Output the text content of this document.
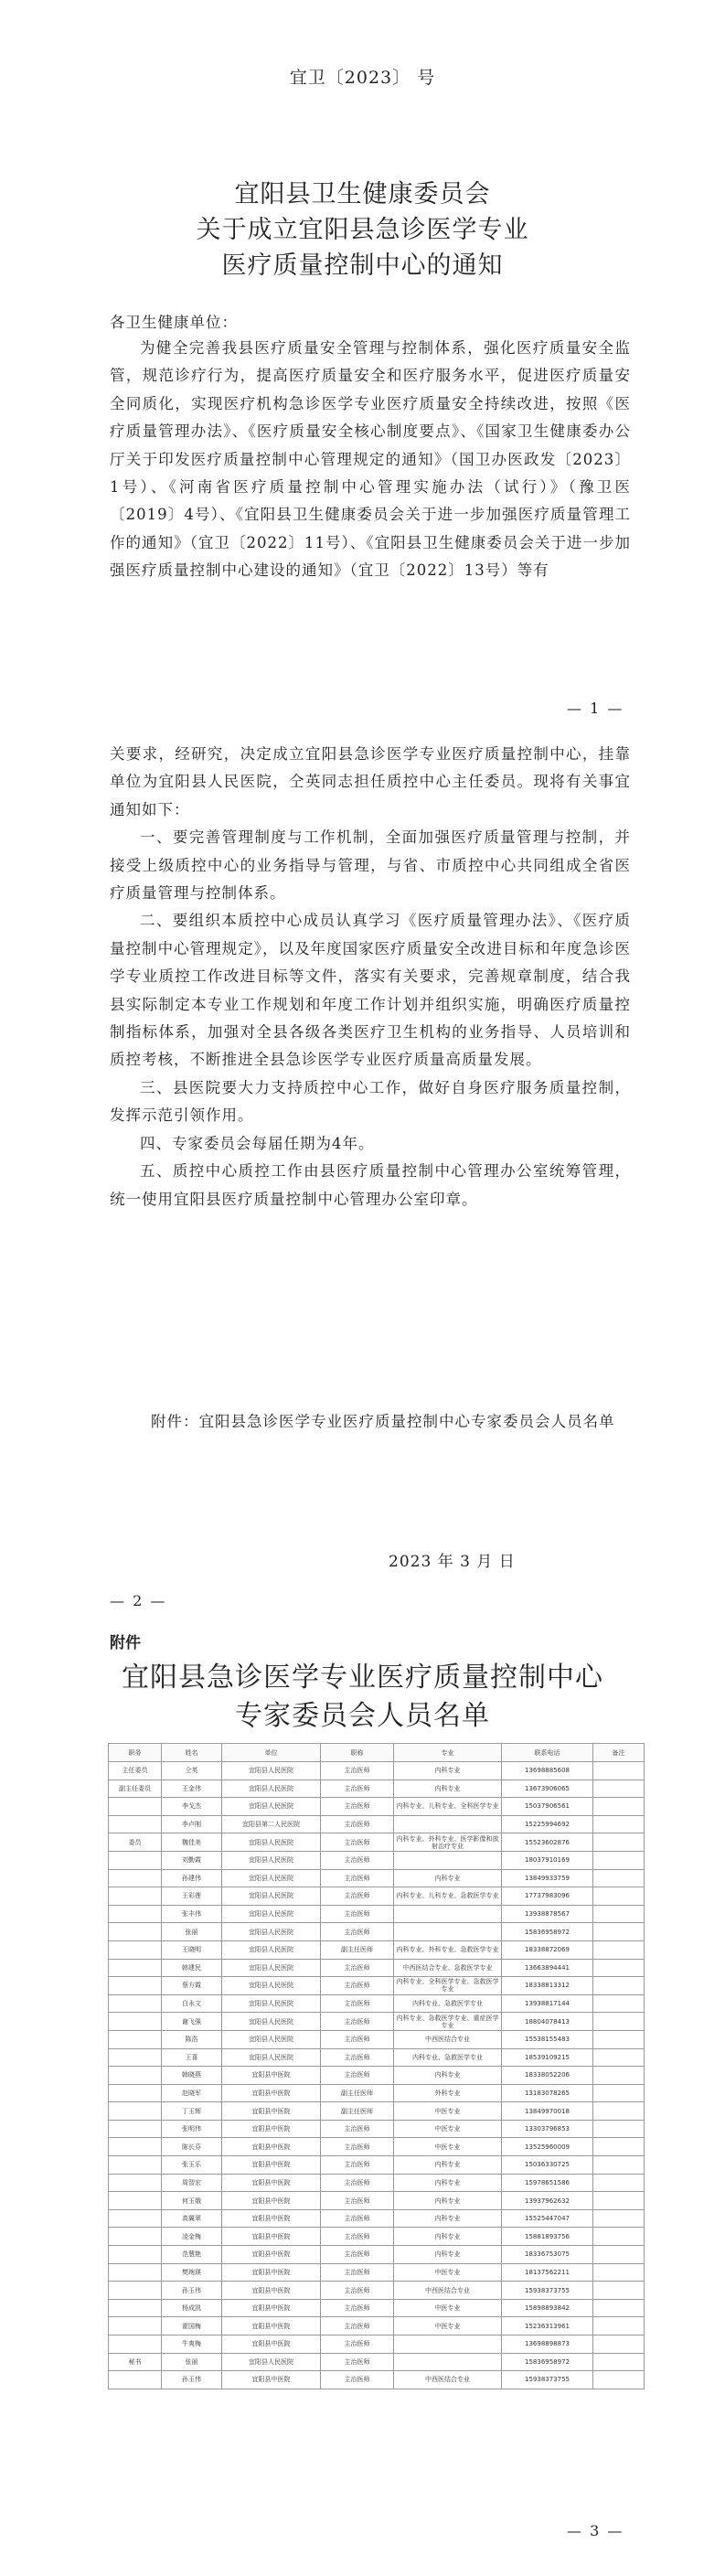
宜卫〔2023〕 号
宜阳县卫生健康委员会
关于成立宜阳县急诊医学专业
医疗质量控制中心的通知
各卫生健康单位：
为健全完善我县医疗质量安全管理与控制体系，强化医疗质量安全监管，规范诊疗行为，提高医疗质量安全和医疗服务水平，促进医疗质量安全同质化，实现医疗机构急诊医学专业医疗质量安全持续改进，按照《医疗质量管理办法》、《医疗质量安全核心制度要点》、《国家卫生健康委办公厅关于印发医疗质量控制中心管理规定的通知》（国卫办医政发〔2023〕1号）、《河南省医疗质量控制中心管理实施办法（试行）》（豫卫医〔2019〕4号）、《宜阳县卫生健康委员会关于进一步加强医疗质量管理工作的通知》（宜卫〔2022〕11号）、《宜阳县卫生健康委员会关于进一步加强医疗质量控制中心建设的通知》（宜卫〔2022〕13号）等有
— 1 —
关要求，经研究，决定成立宜阳县急诊医学专业医疗质量控制中心，挂靠单位为宜阳县人民医院，仝英同志担任质控中心主任委员。现将有关事宜通知如下：
一、要完善管理制度与工作机制，全面加强医疗质量管理与控制，并接受上级质控中心的业务指导与管理，与省、市质控中心共同组成全省医疗质量管理与控制体系。
二、要组织本质控中心成员认真学习《医疗质量管理办法》、《医疗质量控制中心管理规定》，以及年度国家医疗质量安全改进目标和年度急诊医学专业质控工作改进目标等文件，落实有关要求，完善规章制度，结合我县实际制定本专业工作规划和年度工作计划并组织实施，明确医疗质量控制指标体系，加强对全县各级各类医疗卫生机构的业务指导、人员培训和质控考核，不断推进全县急诊医学专业医疗质量高质量发展。
三、县医院要大力支持质控中心工作，做好自身医疗服务质量控制，发挥示范引领作用。
四、专家委员会每届任期为4年。
五、质控中心质控工作由县医疗质量控制中心管理办公室统筹管理，统一使用宜阳县医疗质量控制中心管理办公室印章。
附件：宜阳县急诊医学专业医疗质量控制中心专家委员会人员名单
2023 年 3 月 日
— 2 —
附件
宜阳县急诊医学专业医疗质量控制中心
专家委员会人员名单
职务	姓名	单位	职称	专业	联系电话	备注
主任委员	仝英	宜阳县人民医院	主治医师	内科专业	13698885608	
副主任委员	王金伟	宜阳县人民医院	主治医师	内科专业	13673906065	
	李戈杰	宜阳县人民医院	主治医师	内科专业、儿科专业、全科医学专业	15037906561	
	李卢刚	宜阳县第二人民医院	主治医师		15225994692	
委员	魏佳美	宜阳县人民医院	主治医师	内科专业、外科专业、医学影像和放射治疗专业	15523602876	
	刘勤霞	宜阳县人民医院	主治医师		18037910169	
	孙建伟	宜阳县人民医院	主治医师	内科专业	13849933759	
	王彩莲	宜阳县人民医院	主治医师	内科专业、儿科专业、急救医学专业	17737983096	
	张丰伟	宜阳县人民医院	主治医师		13938878567	
	张丽	宜阳县人民医院	主治医师		15836958972	
	王晓明	宜阳县人民医院	副主任医师	内科专业、外科专业、急救医学专业	18338872069	
	韩建民	宜阳县人民医院	主治医师	中西医结合专业、急救医学专业	13663894441	
	蔡方霞	宜阳县人民医院	主治医师	内科专业、全科医学专业、急救医学专业	18338813312	
	白永文	宜阳县人民医院	主治医师	内科专业、急救医学专业	13938817144	
	谢飞强	宜阳县人民医院	主治医师	内科专业、急救医学专业、重症医学专业	18804078413	
	陈浩	宜阳县人民医院	主治医师	中西医结合专业	15538155483	
	王喜	宜阳县人民医院	主治医师	内科专业、急救医学专业	18539109215	
	韩晓燕	宜阳县中医院	主治医师	内科专业	18338052206	
	赵晓军	宜阳县中医院	副主任医师	外科专业	13183078265	
	丁玉辉	宜阳县中医院	副主任医师	中医专业	13849970018	
	张明伟	宜阳县中医院	主治医师	中医专业	13303796853	
	陈长芬	宜阳县中医院	主治医师	中医专业	13525960009	
	张玉乐	宜阳县中医院	主治医师	内科专业	15036330725	
	周智宏	宜阳县中医院	主治医师	内科专业	15978651586	
	何玉娥	宜阳县中医院	主治医师	内科专业	13937962632	
	高翼翠	宜阳县中医院	主治医师	内科专业	15525447047	
	凌金梅	宜阳县中医院	主治医师	内科专业	15881893756	
	范慧艳	宜阳县中医院	主治医师	内科专业	18336753075	
	樊琬瑛	宜阳县中医院	主治医师	中医专业	18137562211	
	孙玉伟	宜阳县中医院	主治医师	中西医结合专业	15938373755	
	杨成凯	宜阳县中医院	主治医师	中医专业	15898893842	
	霍国梅	宜阳县中医院	主治医师	中医专业	15236313961	
	牛爽梅	宜阳县中医院	主治医师		13698898873	
秘书	张丽	宜阳县人民医院	主治医师		15836958972	
	孙玉伟	宜阳县中医院	主治医师	中西医结合专业	15938373755	
— 3 —
